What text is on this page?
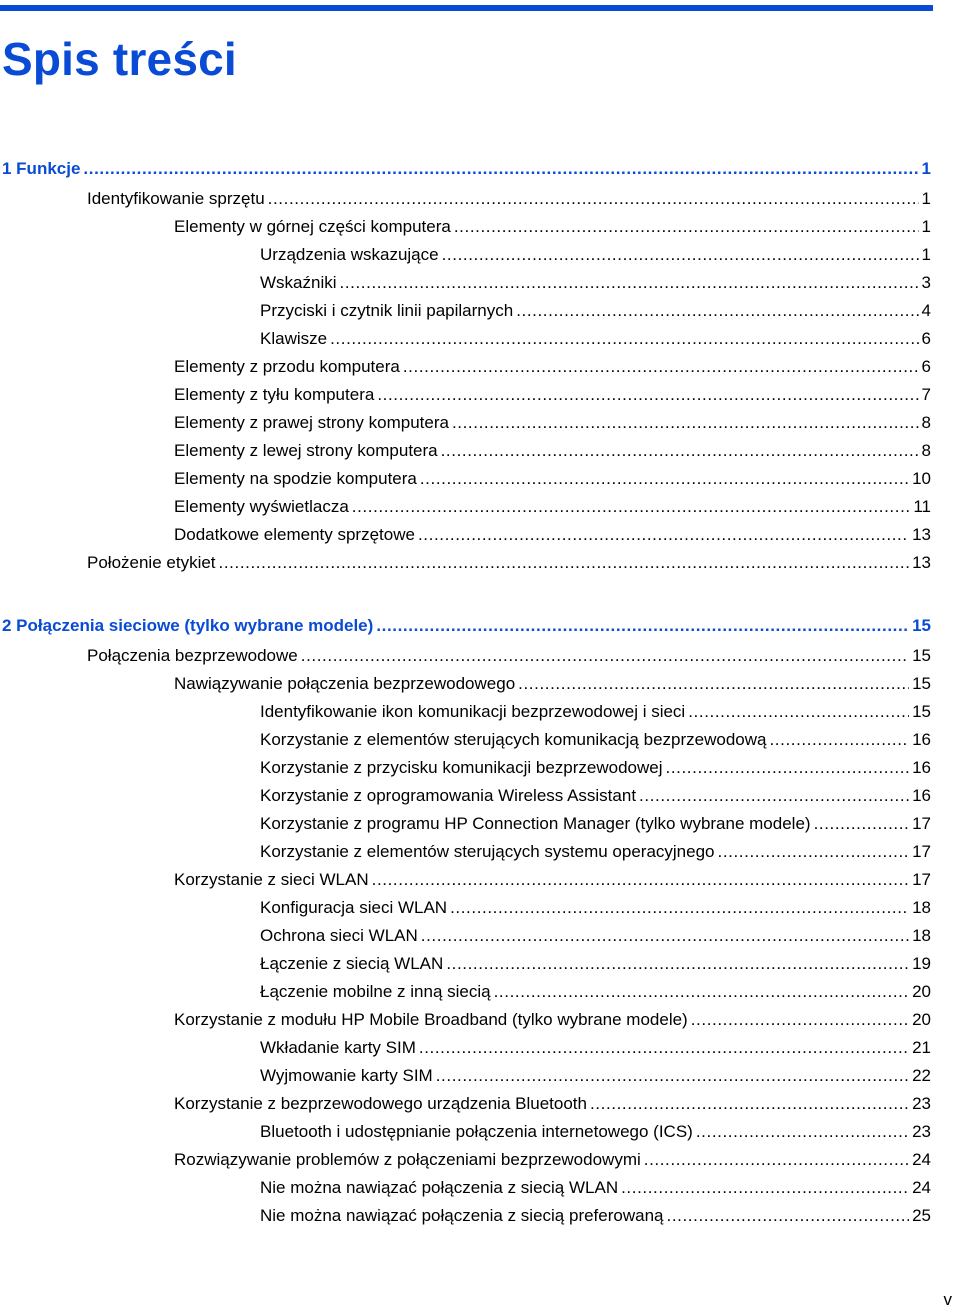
Spis treści
1 Funkcje .....	1
Identyfikowanie sprzętu .....	1
Elementy w górnej części komputera .....	1
Urządzenia wskazujące .....	1
Wskaźniki .....	3
Przyciski i czytnik linii papilarnych .....	4
Klawisze .....	6
Elementy z przodu komputera .....	6
Elementy z tyłu komputera .....	7
Elementy z prawej strony komputera .....	8
Elementy z lewej strony komputera .....	8
Elementy na spodzie komputera .....	10
Elementy wyświetlacza .....	11
Dodatkowe elementy sprzętowe .....	13
Położenie etykiet .....	13
2 Połączenia sieciowe (tylko wybrane modele) .....	15
Połączenia bezprzewodowe .....	15
Nawiązywanie połączenia bezprzewodowego .....	15
Identyfikowanie ikon komunikacji bezprzewodowej i sieci .....	15
Korzystanie z elementów sterujących komunikacją bezprzewodową .....	16
Korzystanie z przycisku komunikacji bezprzewodowej .....	16
Korzystanie z oprogramowania Wireless Assistant .....	16
Korzystanie z programu HP Connection Manager (tylko wybrane modele) .....	17
Korzystanie z elementów sterujących systemu operacyjnego .....	17
Korzystanie z sieci WLAN .....	17
Konfiguracja sieci WLAN .....	18
Ochrona sieci WLAN .....	18
Łączenie z siecią WLAN .....	19
Łączenie mobilne z inną siecią .....	20
Korzystanie z modułu HP Mobile Broadband (tylko wybrane modele) .....	20
Wkładanie karty SIM .....	21
Wyjmowanie karty SIM .....	22
Korzystanie z bezprzewodowego urządzenia Bluetooth .....	23
Bluetooth i udostępnianie połączenia internetowego (ICS) .....	23
Rozwiązywanie problemów z połączeniami bezprzewodowymi .....	24
Nie można nawiązać połączenia z siecią WLAN .....	24
Nie można nawiązać połączenia z siecią preferowaną .....	25
v
